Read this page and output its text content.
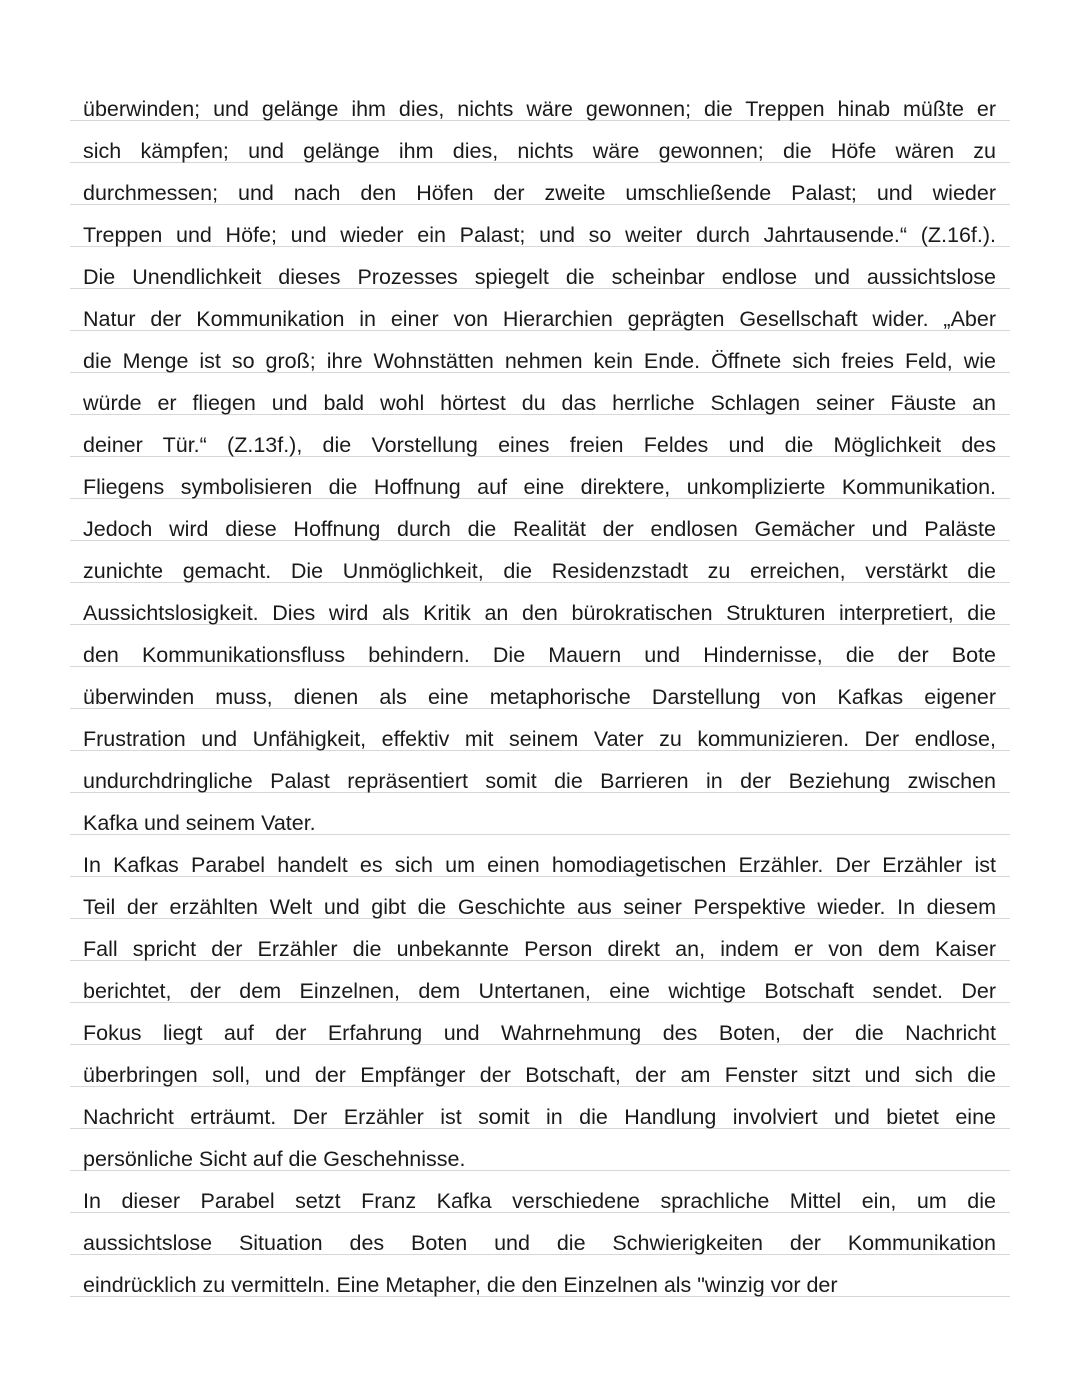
überwinden; und gelänge ihm dies, nichts wäre gewonnen; die Treppen hinab müßte er
sich kämpfen; und gelänge ihm dies, nichts wäre gewonnen; die Höfe wären zu
durchmessen; und nach den Höfen der zweite umschließende Palast; und wieder
Treppen und Höfe; und wieder ein Palast; und so weiter durch Jahrtausende.“ (Z.16f.).
Die Unendlichkeit dieses Prozesses spiegelt die scheinbar endlose und aussichtslose
Natur der Kommunikation in einer von Hierarchien geprägten Gesellschaft wider. „Aber
die Menge ist so groß; ihre Wohnstätten nehmen kein Ende. Öffnete sich freies Feld, wie
würde er fliegen und bald wohl hörtest du das herrliche Schlagen seiner Fäuste an
deiner Tür.“ (Z.13f.), die Vorstellung eines freien Feldes und die Möglichkeit des
Fliegens symbolisieren die Hoffnung auf eine direktere, unkomplizierte Kommunikation.
Jedoch wird diese Hoffnung durch die Realität der endlosen Gemächer und Paläste
zunichte gemacht. Die Unmöglichkeit, die Residenzstadt zu erreichen, verstärkt die
Aussichtslosigkeit. Dies wird als Kritik an den bürokratischen Strukturen interpretiert, die
den Kommunikationsfluss behindern. Die Mauern und Hindernisse, die der Bote
überwinden muss, dienen als eine metaphorische Darstellung von Kafkas eigener
Frustration und Unfähigkeit, effektiv mit seinem Vater zu kommunizieren. Der endlose,
undurchdringliche Palast repräsentiert somit die Barrieren in der Beziehung zwischen
Kafka und seinem Vater.
In Kafkas Parabel handelt es sich um einen homodiagetischen Erzähler. Der Erzähler ist
Teil der erzählten Welt und gibt die Geschichte aus seiner Perspektive wieder. In diesem
Fall spricht der Erzähler die unbekannte Person direkt an, indem er von dem Kaiser
berichtet, der dem Einzelnen, dem Untertanen, eine wichtige Botschaft sendet. Der
Fokus liegt auf der Erfahrung und Wahrnehmung des Boten, der die Nachricht
überbringen soll, und der Empfänger der Botschaft, der am Fenster sitzt und sich die
Nachricht erträumt. Der Erzähler ist somit in die Handlung involviert und bietet eine
persönliche Sicht auf die Geschehnisse.
In dieser Parabel setzt Franz Kafka verschiedene sprachliche Mittel ein, um die
aussichtslose Situation des Boten und die Schwierigkeiten der Kommunikation
eindrücklich zu vermitteln. Eine Metapher, die den Einzelnen als "winzig vor der
